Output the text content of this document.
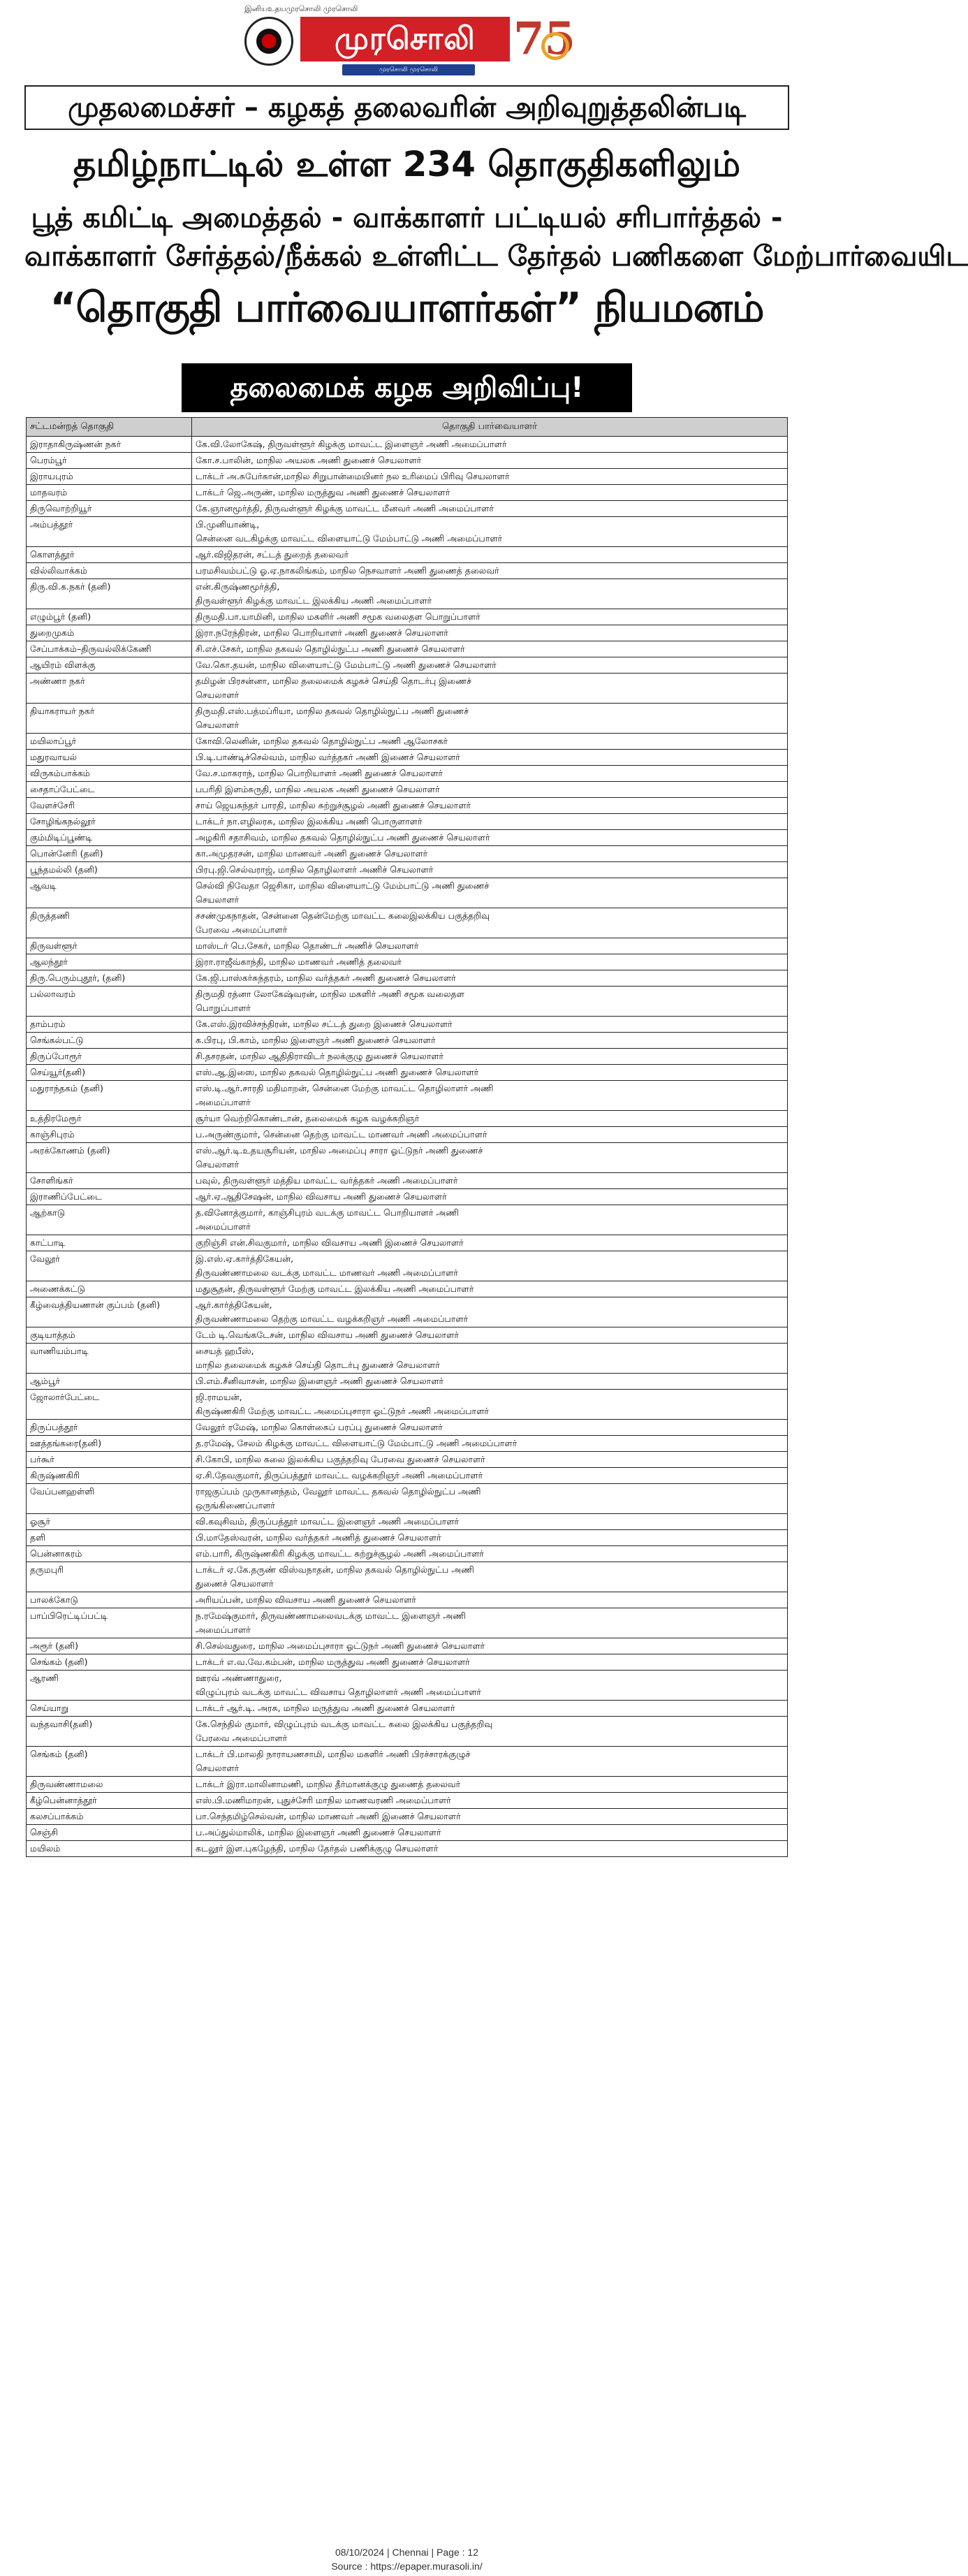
இனியஉதயமுரசொலி முரசொலி
முரசொலி
முரசொலி முரசொலி
75
முதலமைச்சர் – கழகத் தலைவரின் அறிவுறுத்தலின்படி
தமிழ்நாட்டில் உள்ள 234 தொகுதிகளிலும்
பூத் கமிட்டி அமைத்தல் - வாக்காளர் பட்டியல் சரிபார்த்தல் -
வாக்காளர் சேர்த்தல்/நீக்கல் உள்ளிட்ட தேர்தல் பணிகளை மேற்பார்வையிட
“தொகுதி பார்வையாளர்கள்” நியமனம்
தலைமைக் கழக அறிவிப்பு!
சட்டமன்றத் தொகுதி	தொகுதி பார்வையாளர்
இராதாகிருஷ்ணன் நகர்	கே.வி.லோகேஷ், திருவள்ளூர் கிழக்கு மாவட்ட இளைஞர் அணி அமைப்பாளர்

பெரம்பூர்	கோ.ச.பாலின், மாநில அயலக அணி துணைச் செயலாளர்

இராயபுரம்	டாக்டர் அ.சுபேர்கான்,மாநில சிறுபான்மையினர் நல உரிமைப் பிரிவு செயலாளர்

மாதவரம்	டாக்டர் ஜெ.அருண், மாநில மருத்துவ அணி துணைச் செயலாளர்

திருவொற்றியூர்	கே.ஞானமூர்த்தி, திருவள்ளூர் கிழக்கு மாவட்ட மீனவர் அணி அமைப்பாளர்

அம்பத்தூர்	பி.முனியாண்டி,
சென்னை வடகிழக்கு மாவட்ட விளையாட்டு மேம்பாட்டு அணி அமைப்பாளர்

கொளத்தூர்	ஆர்.விஜிதரன், சட்டத் துறைத் தலைவர்

வில்லிவாக்கம்	பரமசிவம்பட்டு ஓ.ஏ.நாகலிங்கம், மாநில நெசவாளர் அணி துணைத் தலைவர்

திரு.வி.க.நகர் (தனி)	என்.கிருஷ்ணமூர்த்தி,
திருவள்ளூர் கிழக்கு மாவட்ட இலக்கிய அணி அமைப்பாளர்

எழும்பூர் (தனி)	திருமதி.பா.யாமினி, மாநில மகளிர் அணி சமூக வலைதள பொறுப்பாளர்

துறைமுகம்	இரா.நரேந்திரன், மாநில பொறியாளர் அணி துணைச் செயலாளர்

சேப்பாக்கம்–திருவல்லிக்கேணி	சி.எச்.சேகர், மாநில தகவல் தொழில்நுட்ப அணி துணைச் செயலாளர்

ஆயிரம் விளக்கு	வே.கொ.தயன், மாநில விளையாட்டு மேம்பாட்டு அணி துணைச் செயலாளர்

அண்ணா நகர்	தமிழன் பிரசன்னா, மாநில தலைமைக் கழகச் செய்தி தொடர்பு இணைச்
செயலாளர்

தியாகராயர் நகர்	திருமதி.எஸ்.பத்மப்ரியா, மாநில தகவல் தொழில்நுட்ப அணி துணைச்
செயலாளர்

மயிலாப்பூர்	கோவி.லெனின், மாநில தகவல் தொழில்நுட்ப அணி ஆலோசகர்

மதுரவாயல்	பி.டி.பாண்டிச்செல்வம், மாநில வர்த்தகர் அணி இணைச் செயலாளர்

விருகம்பாக்கம்	வே.ச.மாகராந், மாநில பொறியாளர் அணி துணைச் செயலாளர்

சைதாப்பேட்டை	பபரிதி இளம்சுருதி, மாநில அயலக அணி துணைச் செயலாளர்

வேளச்சேரி	சாய் ஜெயசுந்தர் பாரதி, மாநில சுற்றுச்சூழல் அணி துணைச் செயலாளர்

சோழிங்கநல்லூர்	டாக்டர் நா.எழிலரசு, மாநில இலக்கிய அணி பொருளாளர்

கும்மிடிப்பூண்டி	அழகிரி சதாசிவம், மாநில தகவல் தொழில்நுட்ப அணி துணைச் செயலாளர்

பொன்னேரி (தனி)	கா.அமுதரசன், மாநில மாணவர் அணி துணைச் செயலாளர்

பூந்தமல்லி (தனி)	பிரபு.ஜி.செல்வராஜ், மாநில தொழிலாளர் அணிச் செயலாளர்

ஆவடி	செல்வி நிவேதா ஜெசிகா, மாநில விளையாட்டு மேம்பாட்டு அணி துணைச்
செயலாளர்

திருத்தணி	சசண்முகநாதன், சென்னை தென்மேற்கு மாவட்ட கலைஇலக்கிய பகுத்தறிவு
பேரவை அமைப்பாளர்

திருவள்ளூர்	மாஸ்டர் பெ.சேகர், மாநில தொண்டர் அணிச் செயலாளர்

ஆலந்தூர்	இரா.ராஜீவ்காந்தி, மாநில மாணவர் அணித் தலைவர்

திரு.பெரும்புதூர், (தனி)	கே.ஜி.பாஸ்கர்சுந்தரம், மாநில வர்த்தகர் அணி துணைச் செயலாளர்

பல்லாவரம்	திருமதி ரத்னா லோகேஷ்வரன், மாநில மகளிர் அணி சமூக வலைதள
பொறுப்பாளர்

தாம்பரம்	கே.எஸ்.இரவிச்சந்திரன், மாநில சட்டத் துறை இணைச் செயலாளர்

செங்கல்பட்டு	க.பிரபு, பி.காம், மாநில இளைஞர் அணி துணைச் செயலாளர்

திருப்போரூர்	சி.தசரதன், மாநில ஆதிதிராவிடர் நலக்குழு துணைச் செயலாளர்

செய்யூர்(தனி)	எஸ்.ஆ.இஸை, மாநில தகவல் தொழில்நுட்ப அணி துணைச் செயலாளர்

மதுராந்தகம் (தனி)	எஸ்.டி.ஆர்.சாரதி மதிமாறன், சென்னை மேற்கு மாவட்ட தொழிலாளர் அணி
அமைப்பாளர்

உத்திரமேரூர்	சூர்யா வெற்றிகொண்டான், தலைமைக் கழக வழக்கறிஞர்

காஞ்சிபுரம்	ப.அருண்குமார், சென்னை தெற்கு மாவட்ட மாணவர் அணி அமைப்பாளர்

அரக்கோணம் (தனி)	எஸ்.ஆர்.டி.உதயசூரியன், மாநில அமைப்பு சாரா ஓட்டுநர் அணி துணைச்
செயலாளர்

சோளிங்கர்	பவுல், திருவள்ளூர் மத்திய மாவட்ட வர்த்தகர் அணி அமைப்பாளர்

இராணிப்பேட்டை	ஆர்.ஏ.ஆதிசேஷன், மாநில விவசாய அணி துணைச் செயலாளர்

ஆற்காடு	த.வினோத்குமார், காஞ்சிபுரம் வடக்கு மாவட்ட பொறியாளர் அணி
அமைப்பாளர்

காட்பாடி	குறிஞ்சி என்.சிவகுமார், மாநில விவசாய அணி இணைச் செயலாளர்

வேலூர்	இ.எஸ்.ஏ.கார்த்திகேயன்,
திருவண்ணாமலை வடக்கு மாவட்ட மாணவர் அணி அமைப்பாளர்

அணைக்கட்டு	மதுசூதன், திருவள்ளூர் மேற்கு மாவட்ட இலக்கிய அணி அமைப்பாளர்

கீழ்வைத்தியணான் குப்பம் (தனி)	ஆர்.கார்த்திகேயன்,
திருவண்ணாமலை தெற்கு மாவட்ட வழக்கறிஞர் அணி அமைப்பாளர்

குடியாத்தம்	டேம் டி.வெங்கடேசன், மாநில விவசாய அணி துணைச் செயலாளர்

வாணியம்பாடி	சையத் ஹபீஸ்,
மாநில தலைமைக் கழகச் செய்தி தொடர்பு துணைச் செயலாளர்

ஆம்பூர்	பி.எம்.சீனிவாசன், மாநில இளைஞர் அணி துணைச் செயலாளர்

ஜோலார்பேட்டை	ஜி.ராமயன்,
கிருஷ்ணகிரி மேற்கு மாவட்ட அமைப்புசாரா ஓட்டுநர் அணி அமைப்பாளர்

திருப்பத்தூர்	வேலூர் ரமேஷ், மாநில கொள்கைப் பரப்பு துணைச் செயலாளர்

ஊத்தங்கரை(தனி)	த.ரமேஷ், சேலம் கிழக்கு மாவட்ட விளையாட்டு மேம்பாட்டு அணி அமைப்பாளர்

பர்கூர்	சி.கோபி, மாநில கலை இலக்கிய பகுத்தறிவு பேரவை துணைச் செயலாளர்

கிருஷ்ணகிரி	ஏ.சி.தேவகுமார், திருப்பத்தூர் மாவட்ட வழக்கறிஞர் அணி அமைப்பாளர்

வேப்பனஹள்ளி	ராஜகுப்பம் முருகானந்தம், வேலூர் மாவட்ட தகவல் தொழில்நுட்ப அணி
ஒருங்கிணைப்பாளர்

ஓசூர்	வி.கவுசிவம், திருப்பத்தூர் மாவட்ட இளைஞர் அணி அமைப்பாளர்

தளி	பி.மாதேஸ்வரன், மாநில வர்த்தகர் அணித் துணைச் செயலாளர்

பென்னாகரம்	எம்.பாரி, கிருஷ்ணகிரி கிழக்கு மாவட்ட சுற்றுச்சூழல் அணி அமைப்பாளர்

தருமபுரி	டாக்டர் ஏ.கே.தருண் விஸ்வநாதன், மாநில தகவல் தொழில்நுட்ப அணி
துணைச் செயலாளர்

பாலக்கோடு	அரியப்பன், மாநில விவசாய அணி துணைச் செயலாளர்

பாப்பிரெட்டிப்பட்டி	ந.ரமேஷ்குமார், திருவண்ணாமலைவடக்கு மாவட்ட இளைஞர் அணி
அமைப்பாளர்

அரூர் (தனி)	சி.செல்வதுரை, மாநில அமைப்புசாரா ஓட்டுநர் அணி துணைச் செயலாளர்

செங்கம் (தனி)	டாக்டர் எ.வ.வே.கம்பன், மாநில மருத்துவ அணி துணைச் செயலாளர்

ஆரணி	ஊரவ் அண்ணாதுரை,
விழுப்புரம் வடக்கு மாவட்ட விவசாய தொழிலாளர் அணி அமைப்பாளர்

செய்யாறு	டாக்டர் ஆர்.டி. அரசு, மாநில மருத்துவ அணி துணைச் செயலாளர்

வந்தவாசி(தனி)	கே.செந்தில் குமார், விழுப்புரம் வடக்கு மாவட்ட கலை இலக்கிய பகுத்தறிவு
பேரவை அமைப்பாளர்

செங்கம் (தனி)	டாக்டர் பி.மாலதி நாராயணசாமி, மாநில மகளிர் அணி பிரச்சாரக்குழுச்
செயலாளர்

திருவண்ணாமலை	டாக்டர் இரா.மாலினாமணி, மாநில தீர்மானக்குழு துணைத் தலைவர்

கீழ்பென்னாத்தூர்	எஸ்.பி.மணிமாறன், புதுச்சேரி மாநில மாணவரணி அமைப்பாளர்

கலசப்பாக்கம்	பா.செந்தமிழ்செல்வன், மாநில மாணவர் அணி இணைச் செயலாளர்

செஞ்சி	ப.அப்துல்மாலிக், மாநில இளைஞர் அணி துணைச் செயலாளர்

மயிலம்	கடலூர் இள.புகழேந்தி, மாநில தேர்தல் பணிக்குழு செயலாளர்
08/10/2024 | Chennai | Page : 12
Source : https://epaper.murasoli.in/
